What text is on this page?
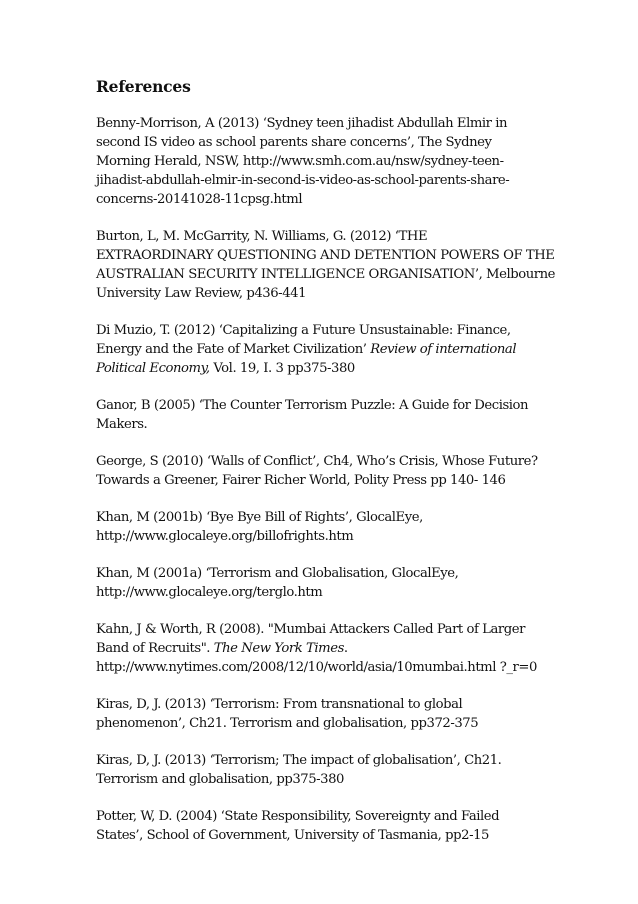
References
Benny-Morrison, A (2013) ‘Sydney teen jihadist Abdullah Elmir in
second IS video as school parents share concerns’, The Sydney
Morning Herald, NSW, http://www.smh.com.au/nsw/sydney-teen-
jihadist-abdullah-elmir-in-second-is-video-as-school-parents-share-
concerns-20141028-11cpsg.html
Burton, L, M. McGarrity, N. Williams, G. (2012) ‘THE
EXTRAORDINARY QUESTIONING AND DETENTION POWERS OF THE
AUSTRALIAN SECURITY INTELLIGENCE ORGANISATION’, Melbourne
University Law Review, p436-441
Di Muzio, T. (2012) ‘Capitalizing a Future Unsustainable: Finance, Energy and the Fate of Market Civilization’ Review of international Political Economy, Vol. 19, I. 3 pp375-380
Ganor, B (2005) ‘The Counter Terrorism Puzzle: A Guide for Decision
Makers.
George, S (2010) ‘Walls of Conflict’, Ch4, Who’s Crisis, Whose Future?
Towards a Greener, Fairer Richer World, Polity Press pp 140- 146
Khan, M (2001b) ‘Bye Bye Bill of Rights’, GlocalEye,
http://www.glocaleye.org/billofrights.htm
Khan, M (2001a) ‘Terrorism and Globalisation, GlocalEye,
http://www.glocaleye.org/terglo.htm
Kahn, J & Worth, R (2008). "Mumbai Attackers Called Part of Larger Band of Recruits". The New York Times. http://www.nytimes.com/2008/12/10/world/asia/10mumbai.html ?_r=0
Kiras, D, J. (2013) ‘Terrorism: From transnational to global
phenomenon’, Ch21. Terrorism and globalisation, pp372-375
Kiras, D, J. (2013) ‘Terrorism; The impact of globalisation’, Ch21.
Terrorism and globalisation, pp375-380
Potter, W, D. (2004) ‘State Responsibility, Sovereignty and Failed
States’, School of Government, University of Tasmania, pp2-15
